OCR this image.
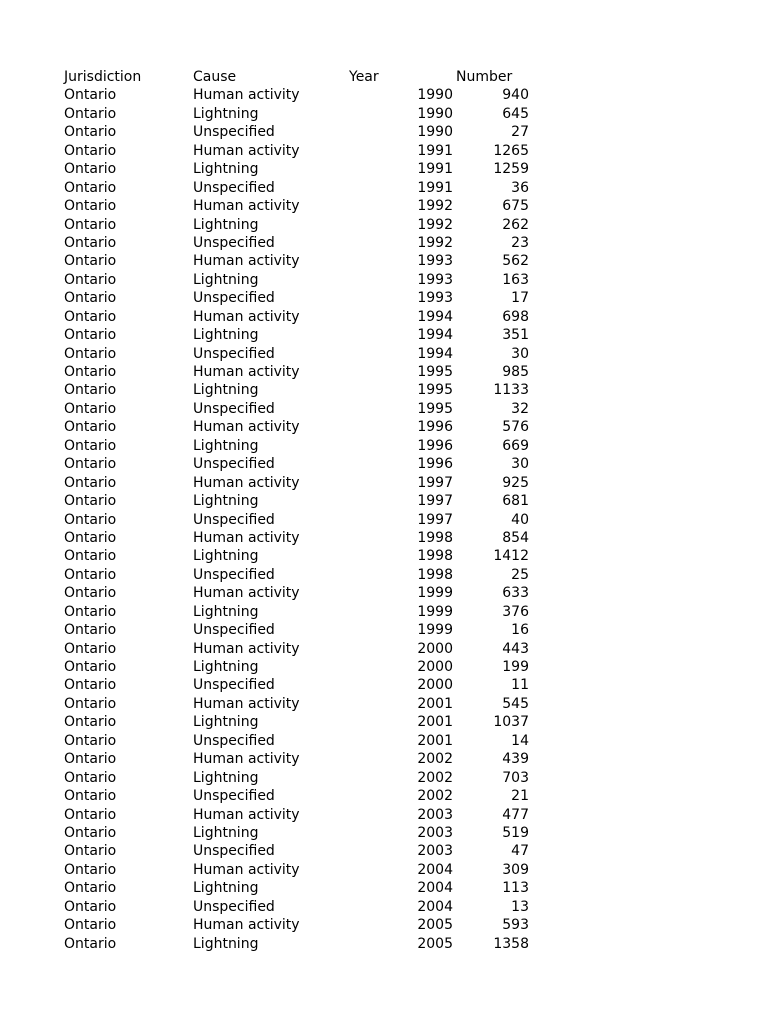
Jurisdiction	Cause	Year	Number
Ontario	Human activity	1990	940
Ontario	Lightning	1990	645
Ontario	Unspecified	1990	27
Ontario	Human activity	1991	1265
Ontario	Lightning	1991	1259
Ontario	Unspecified	1991	36
Ontario	Human activity	1992	675
Ontario	Lightning	1992	262
Ontario	Unspecified	1992	23
Ontario	Human activity	1993	562
Ontario	Lightning	1993	163
Ontario	Unspecified	1993	17
Ontario	Human activity	1994	698
Ontario	Lightning	1994	351
Ontario	Unspecified	1994	30
Ontario	Human activity	1995	985
Ontario	Lightning	1995	1133
Ontario	Unspecified	1995	32
Ontario	Human activity	1996	576
Ontario	Lightning	1996	669
Ontario	Unspecified	1996	30
Ontario	Human activity	1997	925
Ontario	Lightning	1997	681
Ontario	Unspecified	1997	40
Ontario	Human activity	1998	854
Ontario	Lightning	1998	1412
Ontario	Unspecified	1998	25
Ontario	Human activity	1999	633
Ontario	Lightning	1999	376
Ontario	Unspecified	1999	16
Ontario	Human activity	2000	443
Ontario	Lightning	2000	199
Ontario	Unspecified	2000	11
Ontario	Human activity	2001	545
Ontario	Lightning	2001	1037
Ontario	Unspecified	2001	14
Ontario	Human activity	2002	439
Ontario	Lightning	2002	703
Ontario	Unspecified	2002	21
Ontario	Human activity	2003	477
Ontario	Lightning	2003	519
Ontario	Unspecified	2003	47
Ontario	Human activity	2004	309
Ontario	Lightning	2004	113
Ontario	Unspecified	2004	13
Ontario	Human activity	2005	593
Ontario	Lightning	2005	1358
